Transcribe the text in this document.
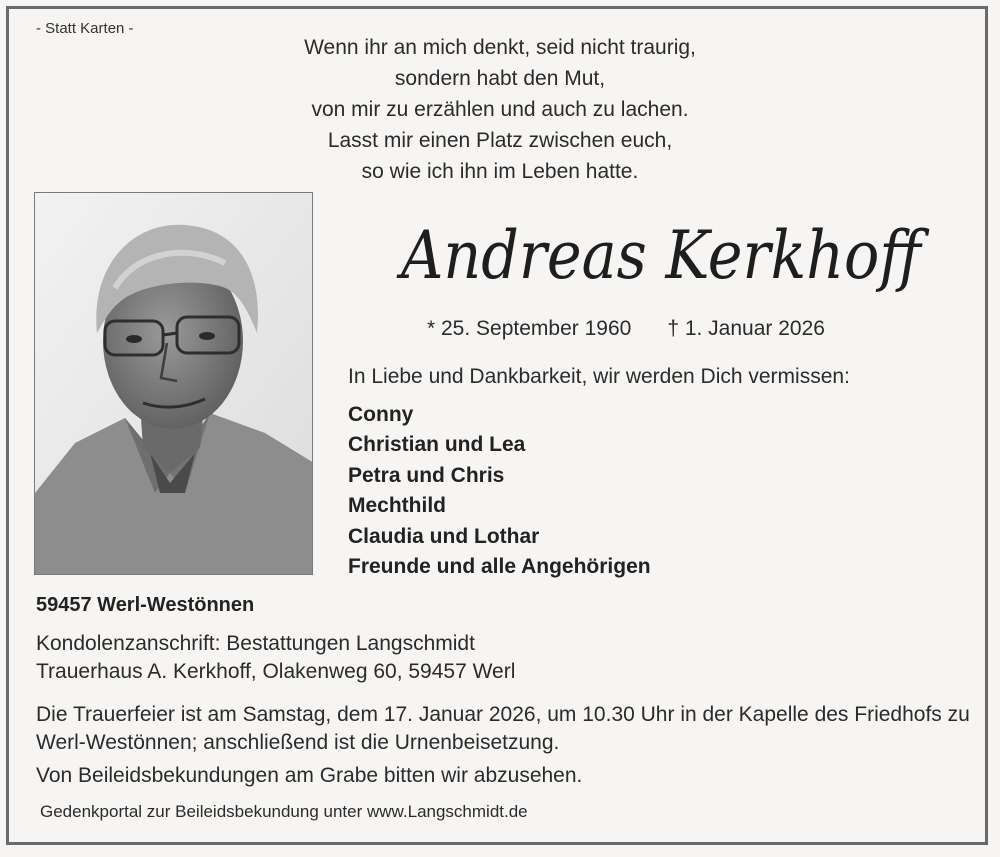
- Statt Karten -
Wenn ihr an mich denkt, seid nicht traurig,
sondern habt den Mut,
von mir zu erzählen und auch zu lachen.
Lasst mir einen Platz zwischen euch,
so wie ich ihn im Leben hatte.
Andreas Kerkhoff
* 25. September 1960 † 1. Januar 2026
In Liebe und Dankbarkeit, wir werden Dich vermissen:
Conny
Christian und Lea
Petra und Chris
Mechthild
Claudia und Lothar
Freunde und alle Angehörigen
59457 Werl-Westönnen
Kondolenzanschrift: Bestattungen Langschmidt
Trauerhaus A. Kerkhoff, Olakenweg 60, 59457 Werl
Die Trauerfeier ist am Samstag, dem 17. Januar 2026, um 10.30 Uhr in der Kapelle des Friedhofs zu Werl-Westönnen; anschließend ist die Urnenbeisetzung.
Von Beileidsbekundungen am Grabe bitten wir abzusehen.
Gedenkportal zur Beileidsbekundung unter www.Langschmidt.de
